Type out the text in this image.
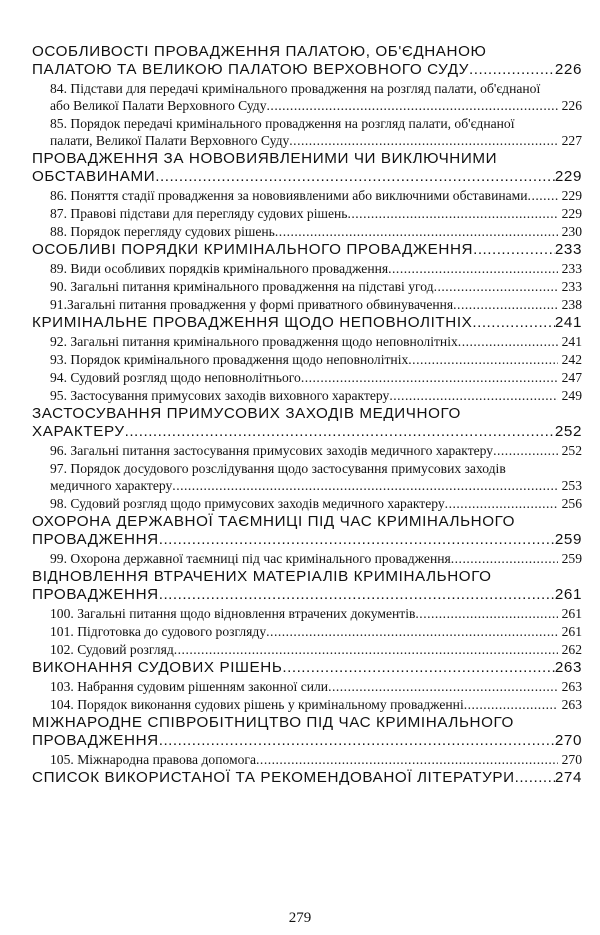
ОСОБЛИВОСТІ ПРОВАДЖЕННЯ ПАЛАТОЮ, ОБ'ЄДНАНОЮ ПАЛАТОЮ ТА ВЕЛИКОЮ ПАЛАТОЮ ВЕРХОВНОГО СУДУ .....	226
84. Підстави для передачі кримінального провадження на розгляд палати, об'єднаної або Великої Палати Верховного Суду .....	226
85. Порядок передачі кримінального провадження на розгляд палати, об'єднаної палати, Великої Палати Верховного Суду .....	227
ПРОВАДЖЕННЯ ЗА НОВОВИЯВЛЕНИМИ ЧИ ВИКЛЮЧНИМИ ОБСТАВИНАМИ .....	229
86. Поняття стадії провадження за нововиявленими або виключними обставинами .....	229
87. Правові підстави для перегляду судових рішень .....	229
88. Порядок перегляду судових рішень .....	230
ОСОБЛИВІ ПОРЯДКИ КРИМІНАЛЬНОГО ПРОВАДЖЕННЯ .....	233
89. Види особливих порядків кримінального провадження .....	233
90. Загальні питання кримінального провадження на підставі угод .....	233
91.Загальні питання провадження у формі приватного обвинувачення .....	238
КРИМІНАЛЬНЕ ПРОВАДЖЕННЯ ЩОДО НЕПОВНОЛІТНІХ .....	241
92. Загальні питання кримінального провадження щодо неповнолітніх .....	241
93. Порядок кримінального провадження щодо неповнолітніх .....	242
94. Судовий розгляд щодо неповнолітнього .....	247
95. Застосування примусових заходів виховного характеру .....	249
ЗАСТОСУВАННЯ ПРИМУСОВИХ ЗАХОДІВ МЕДИЧНОГО ХАРАКТЕРУ .....	252
96. Загальні питання застосування примусових заходів медичного характеру .....	252
97. Порядок досудового розслідування щодо застосування примусових заходів медичного характеру .....	253
98. Судовий розгляд щодо примусових заходів медичного характеру .....	256
ОХОРОНА ДЕРЖАВНОЇ ТАЄМНИЦІ ПІД ЧАС КРИМІНАЛЬНОГО ПРОВАДЖЕННЯ .....	259
99. Охорона державної таємниці під час кримінального провадження .....	259
ВІДНОВЛЕННЯ ВТРАЧЕНИХ МАТЕРІАЛІВ КРИМІНАЛЬНОГО ПРОВАДЖЕННЯ .....	261
100. Загальні питання щодо відновлення втрачених документів .....	261
101. Підготовка до судового розгляду .....	261
102. Судовий розгляд .....	262
ВИКОНАННЯ СУДОВИХ РІШЕНЬ .....	263
103. Набрання судовим рішенням законної сили .....	263
104. Порядок виконання судових рішень у кримінальному провадженні .....	263
МІЖНАРОДНЕ СПІВРОБІТНИЦТВО ПІД ЧАС КРИМІНАЛЬНОГО ПРОВАДЖЕННЯ .....	270
105. Міжнародна правова допомога .....	270
СПИСОК ВИКОРИСТАНОЇ ТА РЕКОМЕНДОВАНОЇ ЛІТЕРАТУРИ .....	274
279
